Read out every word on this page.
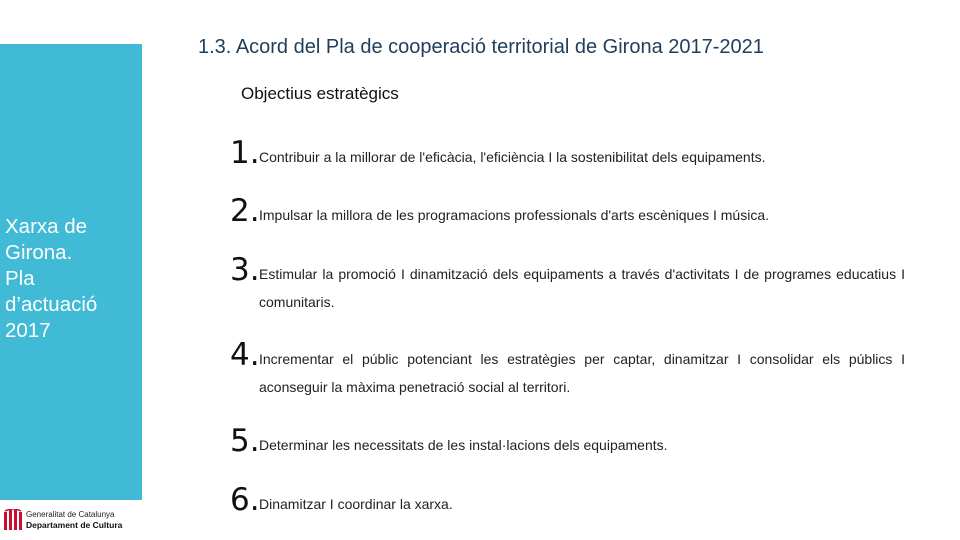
Xarxa de
Girona.
Pla
d’actuació
2017
Generalitat de Catalunya
Departament de Cultura
1.3. Acord del Pla de cooperació territorial de Girona 2017-2021
Objectius estratègics
1. Contribuir a la millorar de l'eficàcia, l'eficiència I la sostenibilitat dels equipaments.
2. Impulsar la millora de les programacions professionals d'arts escèniques I música.
3. Estimular la promoció I dinamització dels equipaments a través d'activitats I de programes educatius I comunitaris.
4. Incrementar el públic potenciant les estratègies per captar, dinamitzar I consolidar els públics I aconseguir la màxima penetració social al territori.
5. Determinar les necessitats de les instal·lacions dels equipaments.
6. Dinamitzar I coordinar la xarxa.
